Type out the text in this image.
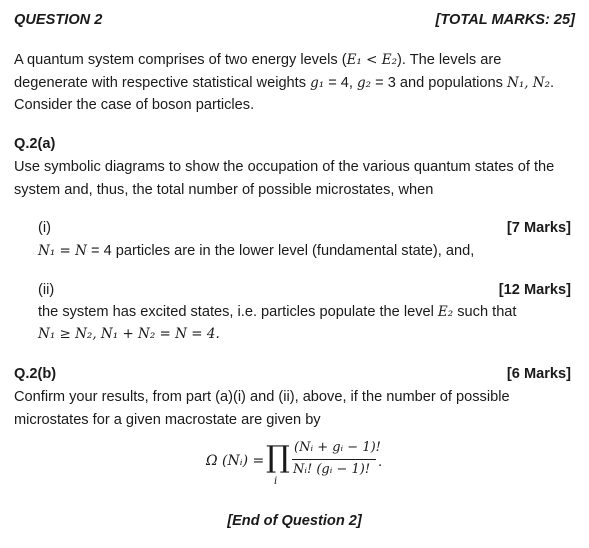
QUESTION 2	[TOTAL MARKS: 25]
A quantum system comprises of two energy levels (E₁ < E₂). The levels are
degenerate with respective statistical weights g₁ = 4, g₂ = 3 and populations N₁, N₂.
Consider the case of boson particles.
Q.2(a)
Use symbolic diagrams to show the occupation of the various quantum states of the
system and, thus, the total number of possible microstates, when
(i)	[7 Marks]
N₁ = N = 4 particles are in the lower level (fundamental state), and,
(ii)	[12 Marks]
the system has excited states, i.e. particles populate the level E₂ such that
N₁ ≥ N₂, N₁ + N₂ = N = 4.
Q.2(b)	[6 Marks]
Confirm your results, from part (a)(i) and (ii), above, if the number of possible
microstates for a given macrostate are given by
Ω (Nᵢ) = ∏
i
(Nᵢ + gᵢ − 1)!
Nᵢ! (gᵢ − 1)! .
[End of Question 2]
